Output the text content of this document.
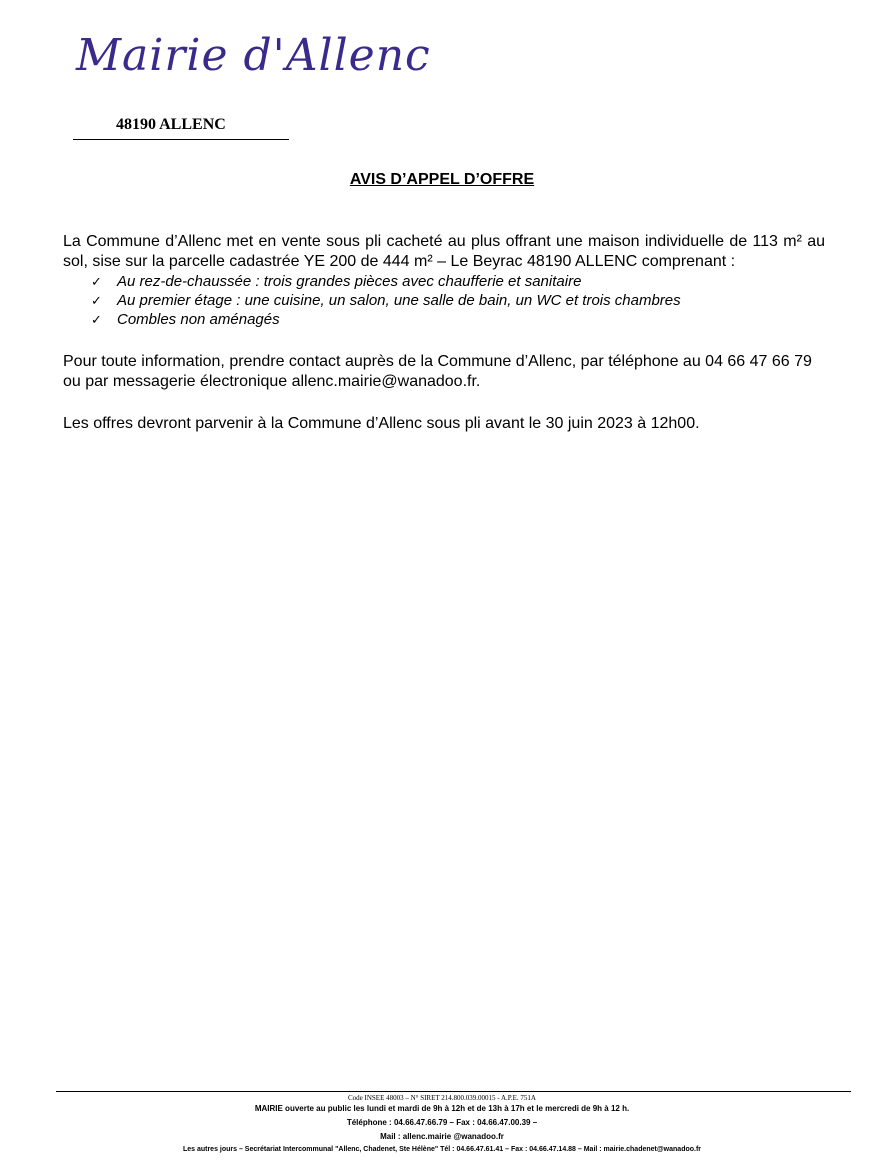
Mairie d'Allenc
48190 ALLENC
AVIS D’APPEL D’OFFRE

La Commune d’Allenc met en vente sous pli cacheté au plus offrant une maison individuelle de 113 m² au sol, sise sur la parcelle cadastrée YE 200 de 444 m² – Le Beyrac 48190 ALLENC comprenant :

✓ Au rez-de-chaussée : trois grandes pièces avec chaufferie et sanitaire
✓ Au premier étage : une cuisine, un salon, une salle de bain, un WC et trois chambres
✓ Combles non aménagés

Pour toute information, prendre contact auprès de la Commune d’Allenc, par téléphone au 04 66 47 66 79 ou par messagerie électronique allenc.mairie@wanadoo.fr.

Les offres devront parvenir à la Commune d’Allenc sous pli avant le 30 juin 2023 à 12h00.

Code INSEE 48003 – N° SIRET 214.800.039.00015 - A.P.E. 751A
MAIRIE ouverte au public les lundi et mardi de 9h à 12h et de 13h à 17h et le mercredi de 9h à 12 h.
Téléphone : 04.66.47.66.79 – Fax : 04.66.47.00.39 –
Mail : allenc.mairie @wanadoo.fr
Les autres jours – Secrétariat Intercommunal "Allenc, Chadenet, Ste Hélène" Tél : 04.66.47.61.41 – Fax : 04.66.47.14.88 – Mail : mairie.chadenet@wanadoo.fr
